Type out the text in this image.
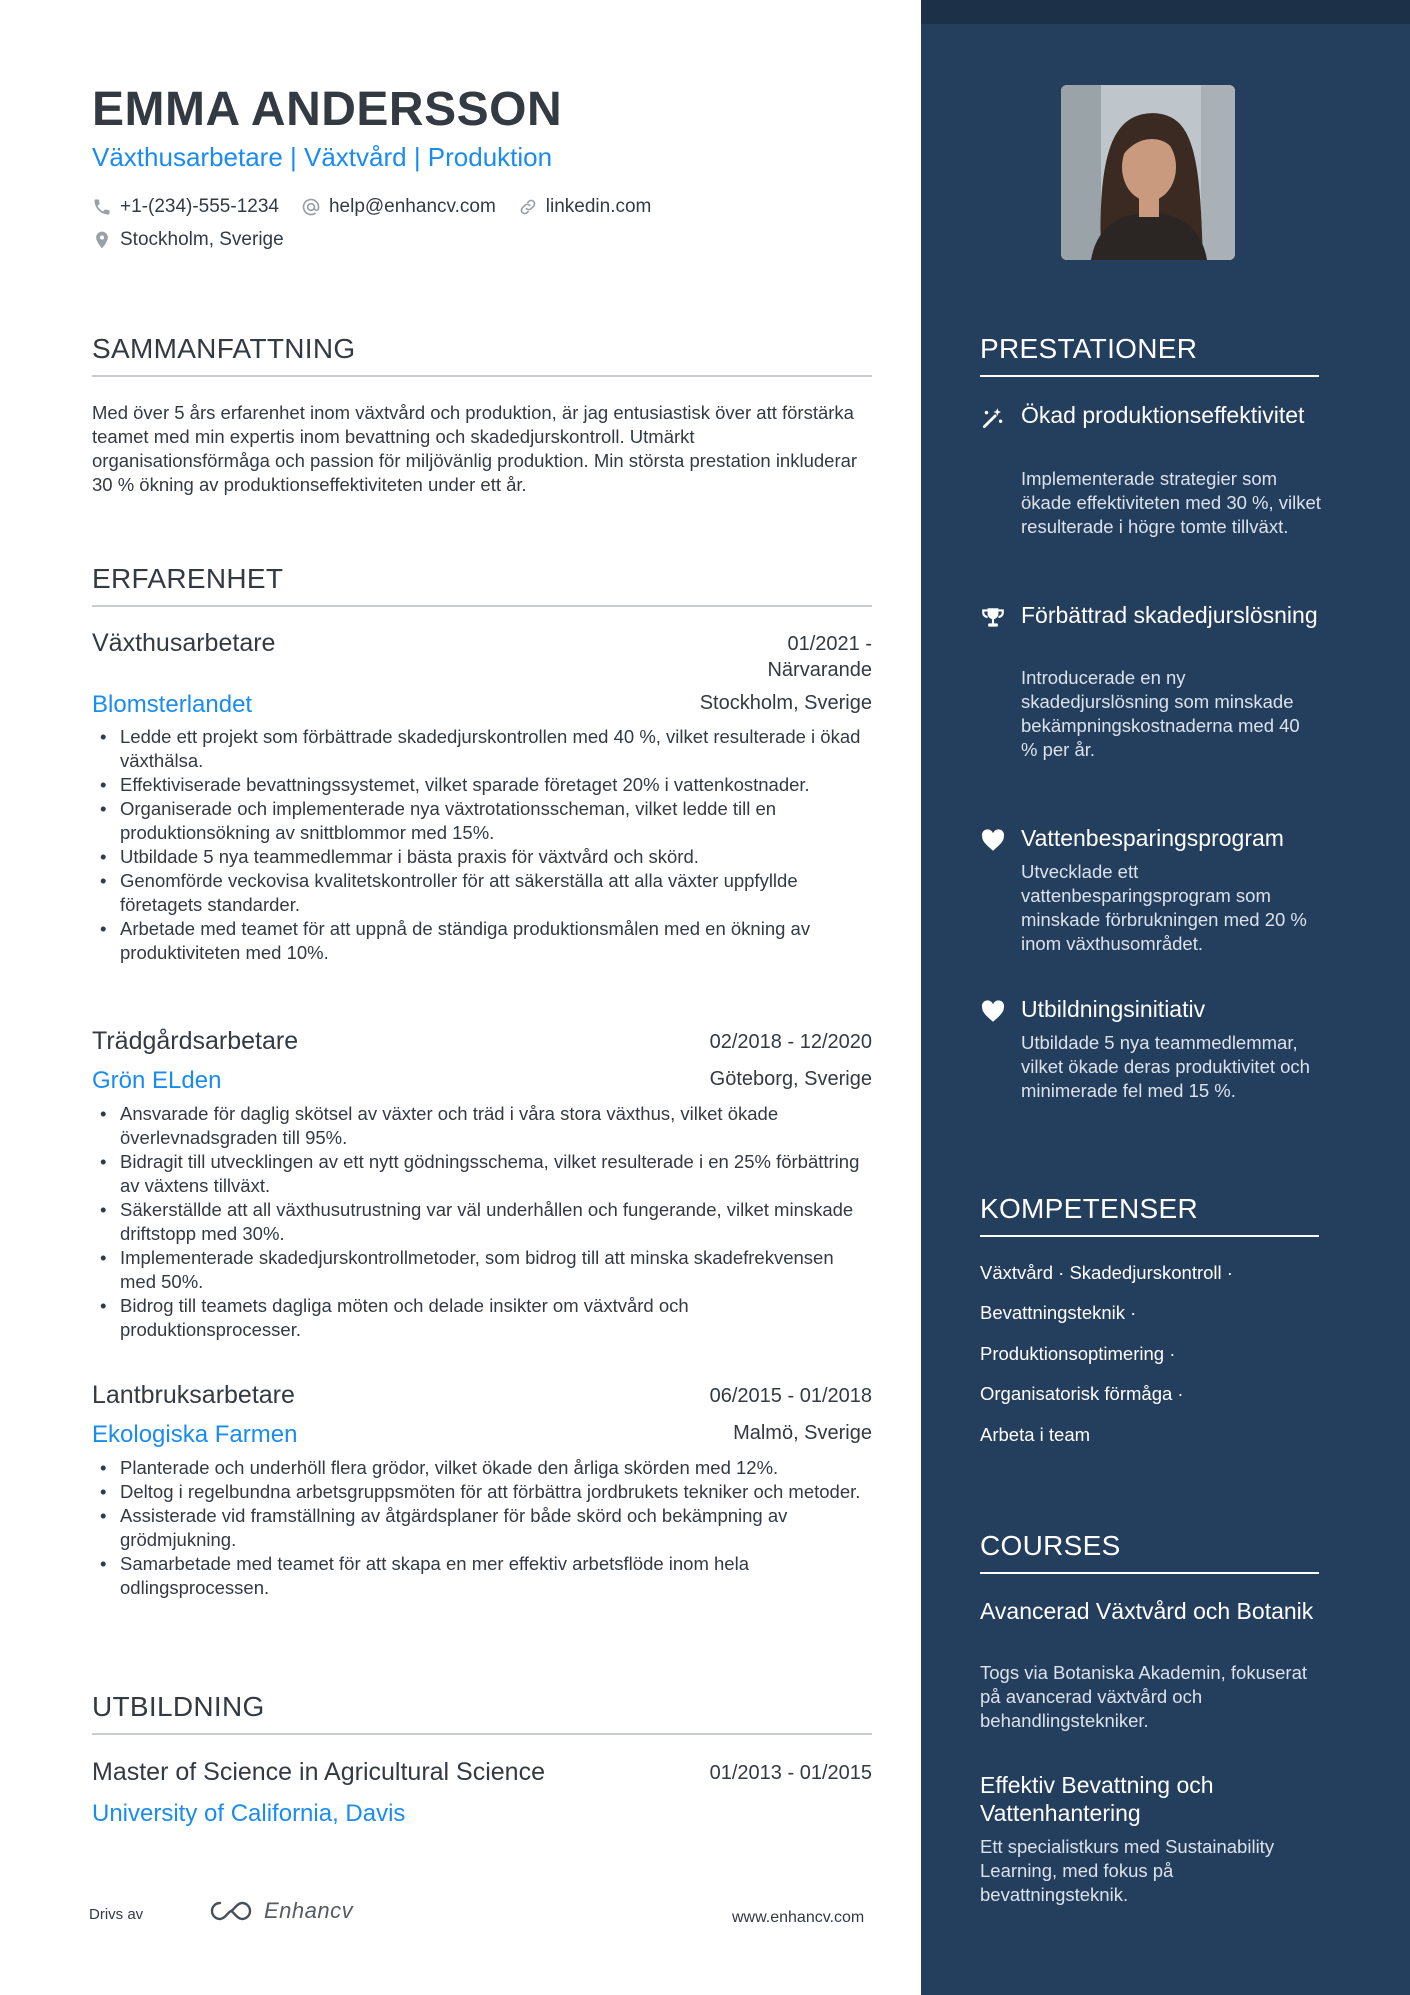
EMMA ANDERSSON
Växthusarbetare | Växtvård | Produktion
+1-(234)-555-1234	help@enhancv.com	linkedin.com
Stockholm, Sverige
SAMMANFATTNING
Med över 5 års erfarenhet inom växtvård och produktion, är jag entusiastisk över att förstärka teamet med min expertis inom bevattning och skadedjurskontroll. Utmärkt organisationsförmåga och passion för miljövänlig produktion. Min största prestation inkluderar 30 % ökning av produktionseffektiviteten under ett år.
ERFARENHET
Växthusarbetare	01/2021 -
Närvarande
Blomsterlandet	Stockholm, Sverige
• Ledde ett projekt som förbättrade skadedjurskontrollen med 40 %, vilket resulterade i ökad växthälsa.
• Effektiviserade bevattningssystemet, vilket sparade företaget 20% i vattenkostnader.
• Organiserade och implementerade nya växtrotationsscheman, vilket ledde till en produktionsökning av snittblommor med 15%.
• Utbildade 5 nya teammedlemmar i bästa praxis för växtvård och skörd.
• Genomförde veckovisa kvalitetskontroller för att säkerställa att alla växter uppfyllde företagets standarder.
• Arbetade med teamet för att uppnå de ständiga produktionsmålen med en ökning av produktiviteten med 10%.
Trädgårdsarbetare	02/2018 - 12/2020
Grön ELden	Göteborg, Sverige
• Ansvarade för daglig skötsel av växter och träd i våra stora växthus, vilket ökade överlevnadsgraden till 95%.
• Bidragit till utvecklingen av ett nytt gödningsschema, vilket resulterade i en 25% förbättring av växtens tillväxt.
• Säkerställde att all växthusutrustning var väl underhållen och fungerande, vilket minskade driftstopp med 30%.
• Implementerade skadedjurskontrollmetoder, som bidrog till att minska skadefrekvensen med 50%.
• Bidrog till teamets dagliga möten och delade insikter om växtvård och produktionsprocesser.
Lantbruksarbetare	06/2015 - 01/2018
Ekologiska Farmen	Malmö, Sverige
• Planterade och underhöll flera grödor, vilket ökade den årliga skörden med 12%.
• Deltog i regelbundna arbetsgruppsmöten för att förbättra jordbrukets tekniker och metoder.
• Assisterade vid framställning av åtgärdsplaner för både skörd och bekämpning av grödmjukning.
• Samarbetade med teamet för att skapa en mer effektiv arbetsflöde inom hela odlingsprocessen.
UTBILDNING
Master of Science in Agricultural Science	01/2013 - 01/2015
University of California, Davis
Drivs av	Enhancv	www.enhancv.com
PRESTATIONER
Ökad produktionseffektivitet
Implementerade strategier som ökade effektiviteten med 30 %, vilket resulterade i högre tomte tillväxt.
Förbättrad skadedjurslösning
Introducerade en ny skadedjurslösning som minskade bekämpningskostnaderna med 40 % per år.
Vattenbesparingsprogram
Utvecklade ett vattenbesparingsprogram som minskade förbrukningen med 20 % inom växthusområdet.
Utbildningsinitiativ
Utbildade 5 nya teammedlemmar, vilket ökade deras produktivitet och minimerade fel med 15 %.
KOMPETENSER
Växtvård · Skadedjurskontroll ·
Bevattningsteknik ·
Produktionsoptimering ·
Organisatorisk förmåga ·
Arbeta i team
COURSES
Avancerad Växtvård och Botanik
Togs via Botaniska Akademin, fokuserat på avancerad växtvård och behandlingstekniker.
Effektiv Bevattning och Vattenhantering
Ett specialistkurs med Sustainability Learning, med fokus på bevattningsteknik.
